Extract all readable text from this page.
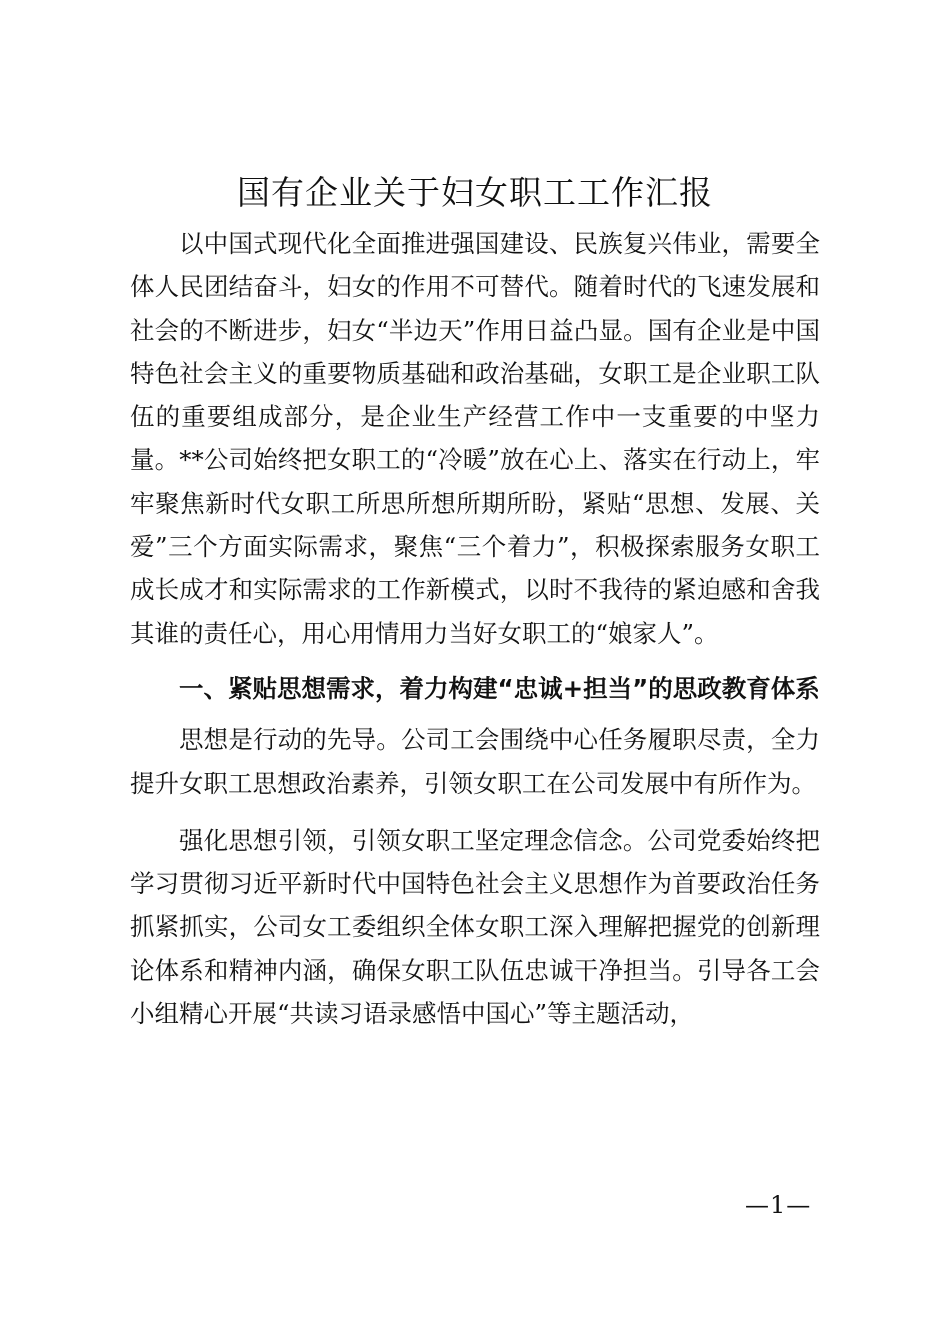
国有企业关于妇女职工工作汇报

以中国式现代化全面推进强国建设、民族复兴伟业，需要全体人民团结奋斗，妇女的作用不可替代。随着时代的飞速发展和社会的不断进步，妇女“半边天”作用日益凸显。国有企业是中国特色社会主义的重要物质基础和政治基础，女职工是企业职工队伍的重要组成部分，是企业生产经营工作中一支重要的中坚力量。**公司始终把女职工的“冷暖”放在心上、落实在行动上，牢牢聚焦新时代女职工所思所想所期所盼，紧贴“思想、发展、关爱”三个方面实际需求，聚焦“三个着力”，积极探索服务女职工成长成才和实际需求的工作新模式，以时不我待的紧迫感和舍我其谁的责任心，用心用情用力当好女职工的“娘家人”。

一、紧贴思想需求，着力构建“忠诚+担当”的思政教育体系

思想是行动的先导。公司工会围绕中心任务履职尽责，全力提升女职工思想政治素养，引领女职工在公司发展中有所作为。

强化思想引领，引领女职工坚定理念信念。公司党委始终把学习贯彻习近平新时代中国特色社会主义思想作为首要政治任务抓紧抓实，公司女工委组织全体女职工深入理解把握党的创新理论体系和精神内涵，确保女职工队伍忠诚干净担当。引导各工会小组精心开展“共读习语录感悟中国心”等主题活动，

—1—
